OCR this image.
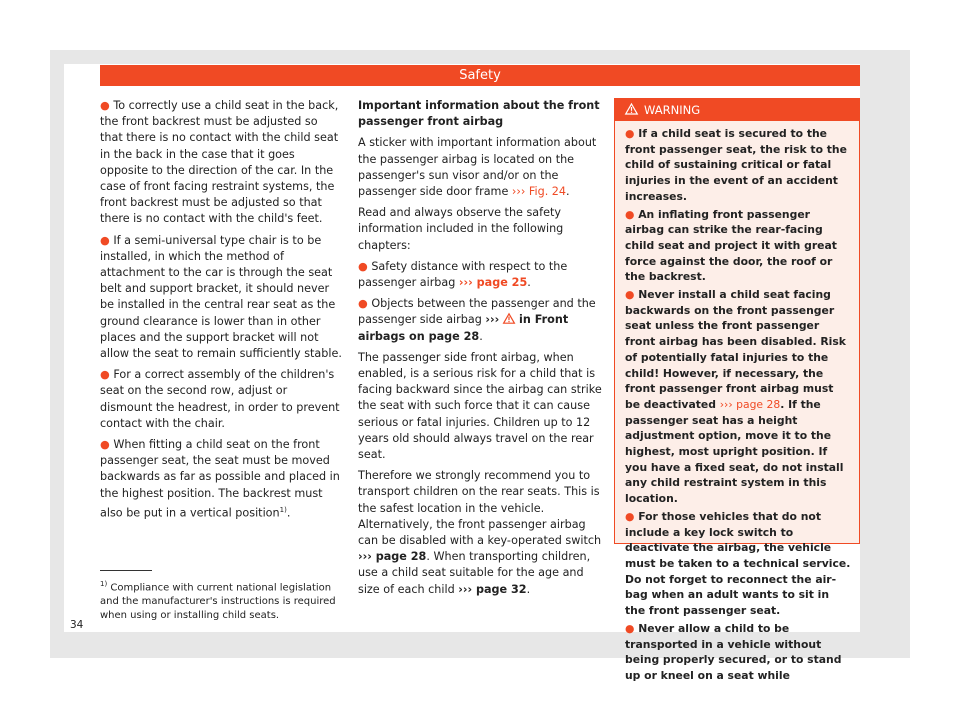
Safety

● To correctly use a child seat in the back, the front backrest must be adjusted so that there is no contact with the child seat in the back in the case that it goes opposite to the direction of the car. In the case of front facing restraint systems, the front backrest must be adjusted so that there is no contact with the child's feet.

● If a semi-universal type chair is to be installed, in which the method of attachment to the car is through the seat belt and support bracket, it should never be installed in the central rear seat as the ground clearance is lower than in other places and the support bracket will not allow the seat to remain sufficiently stable.

● For a correct assembly of the children's seat on the second row, adjust or dismount the headrest, in order to prevent contact with the chair.

● When fitting a child seat on the front passenger seat, the seat must be moved backwards as far as possible and placed in the highest position. The backrest must also be put in a vertical position$^{1)}$.

Important information about the front passenger front airbag

A sticker with important information about the passenger airbag is located on the passenger's sun visor and/or on the passenger side door frame ››› Fig. 24.

Read and always observe the safety information included in the following chapters:

● Safety distance with respect to the passenger airbag ››› page 25.

● Objects between the passenger and the passenger side airbag ›››  in Front airbags on page 28.

The passenger side front airbag, when enabled, is a serious risk for a child that is facing backward since the airbag can strike the seat with such force that it can cause serious or fatal injuries. Children up to 12 years old should always travel on the rear seat.

Therefore we strongly recommend you to transport children on the rear seats. This is the safest location in the vehicle. Alternatively, the front passenger airbag can be disabled with a key-operated switch ››› page 28. When transporting children, use a child seat suitable for the age and size of each child ››› page 32.

WARNING

● If a child seat is secured to the front passenger seat, the risk to the child of sustaining critical or fatal injuries in the event of an accident increases.

● An inflating front passenger airbag can strike the rear-facing child seat and project it with great force against the door, the roof or the backrest.

● Never install a child seat facing backwards on the front passenger seat unless the front passenger front airbag has been disabled. Risk of potentially fatal injuries to the child! However, if necessary, the front passenger front airbag must be deactivated ››› page 28. If the passenger seat has a height adjustment option, move it to the highest, most upright position. If you have a fixed seat, do not install any child restraint system in this location.

● For those vehicles that do not include a key lock switch to deactivate the airbag, the vehicle must be taken to a technical service. Do not forget to reconnect the airbag when an adult wants to sit in the front passenger seat.

● Never allow a child to be transported in a vehicle without being properly secured, or to stand up or kneel on a seat while

$^{1)}$ Compliance with current national legislation and the manufacturer's instructions is required when using or installing child seats.
34
